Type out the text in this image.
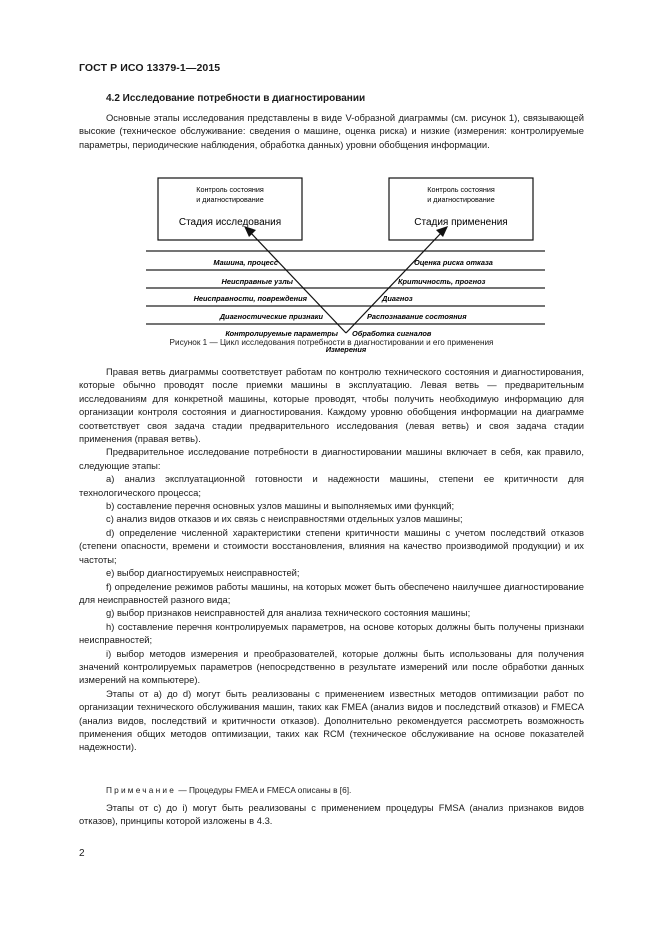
ГОСТ Р ИСО 13379-1—2015
4.2 Исследование потребности в диагностировании

Основные этапы исследования представлены в виде V-образной диаграммы (см. рисунок 1), связывающей высокие (техническое обслуживание: сведения о машине, оценка риска) и низкие (измерения: контролируемые параметры, периодические наблюдения, обработка данных) уровни обобщения информации.

Контроль состояния
и диагностирование
Стадия исследования
Контроль состояния
и диагностирование
Стадия применения
Машина, процесс
Неисправные узлы
Неисправности, повреждения
Диагностические признаки
Контролируемые параметры
Оценка риска отказа
Критичность, прогноз
Диагноз
Распознавание состояния
Обработка сигналов
Измерения
Рисунок 1 — Цикл исследования потребности в диагностировании и его применения

Правая ветвь диаграммы соответствует работам по контролю технического состояния и диагностирования, которые обычно проводят после приемки машины в эксплуатацию. Левая ветвь — предварительным исследованиям для конкретной машины, которые проводят, чтобы получить необходимую информацию для организации контроля состояния и диагностирования. Каждому уровню обобщения информации на диаграмме соответствует своя задача стадии предварительного исследования (левая ветвь) и своя задача стадии применения (правая ветвь).

Предварительное исследование потребности в диагностировании машины включает в себя, как правило, следующие этапы:

a) анализ эксплуатационной готовности и надежности машины, степени ее критичности для технологического процесса;

b) составление перечня основных узлов машины и выполняемых ими функций;

c) анализ видов отказов и их связь с неисправностями отдельных узлов машины;

d) определение численной характеристики степени критичности машины с учетом последствий отказов (степени опасности, времени и стоимости восстановления, влияния на качество производимой продукции) и их частоты;

e) выбор диагностируемых неисправностей;

f) определение режимов работы машины, на которых может быть обеспечено наилучшее диагностирование для неисправностей разного вида;

g) выбор признаков неисправностей для анализа технического состояния машины;

h) составление перечня контролируемых параметров, на основе которых должны быть получены признаки неисправностей;

i) выбор методов измерения и преобразователей, которые должны быть использованы для получения значений контролируемых параметров (непосредственно в результате измерений или после обработки данных измерений на компьютере).

Этапы от a) до d) могут быть реализованы с применением известных методов оптимизации работ по организации технического обслуживания машин, таких как FMEA (анализ видов и последствий отказов) и FMECA (анализ видов, последствий и критичности отказов). Дополнительно рекомендуется рассмотреть возможность применения общих методов оптимизации, таких как RCM (техническое обслуживание на основе показателей надежности).

Примечание — Процедуры FMEA и FMECA описаны в [6].

Этапы от c) до i) могут быть реализованы с применением процедуры FMSA (анализ признаков видов отказов), принципы которой изложены в 4.3.

2
